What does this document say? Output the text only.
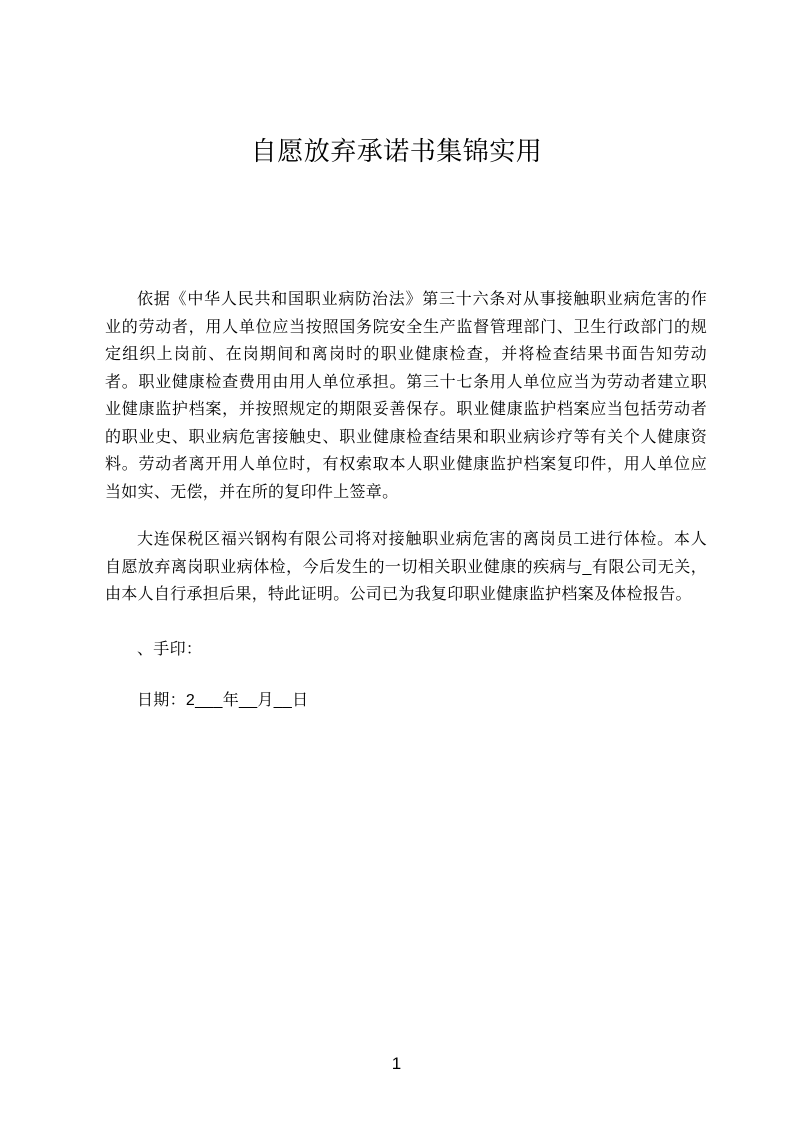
自愿放弃承诺书集锦实用

依据《中华人民共和国职业病防治法》第三十六条对从事接触职业病危害的作业的劳动者，用人单位应当按照国务院安全生产监督管理部门、卫生行政部门的规定组织上岗前、在岗期间和离岗时的职业健康检查，并将检查结果书面告知劳动者。职业健康检查费用由用人单位承担。第三十七条用人单位应当为劳动者建立职业健康监护档案，并按照规定的期限妥善保存。职业健康监护档案应当包括劳动者的职业史、职业病危害接触史、职业健康检查结果和职业病诊疗等有关个人健康资料。劳动者离开用人单位时，有权索取本人职业健康监护档案复印件，用人单位应当如实、无偿，并在所的复印件上签章。

大连保税区福兴钢构有限公司将对接触职业病危害的离岗员工进行体检。本人自愿放弃离岗职业病体检，今后发生的一切相关职业健康的疾病与_有限公司无关，由本人自行承担后果，特此证明。公司已为我复印职业健康监护档案及体检报告。

、手印：

日期：2___年__月__日

1
